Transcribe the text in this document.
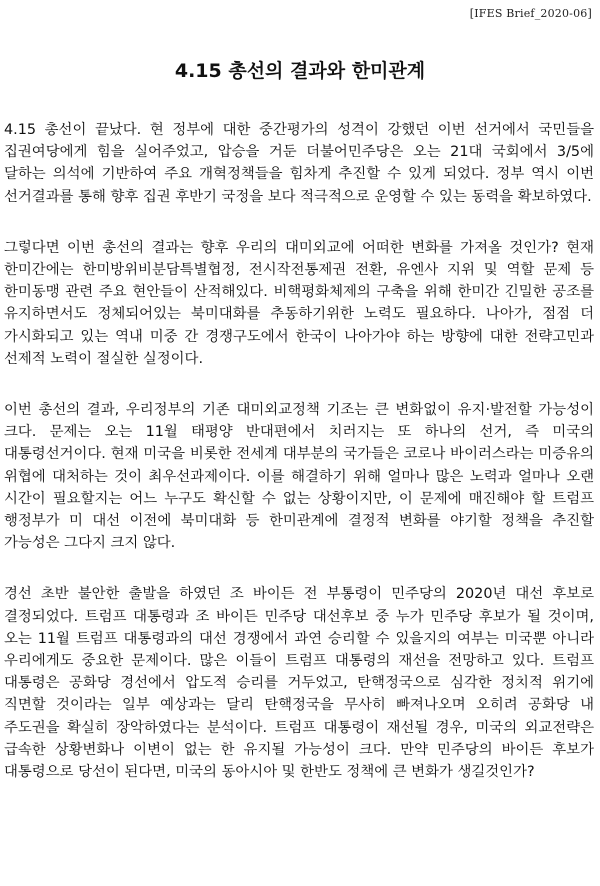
[IFES Brief_2020-06]
4.15 총선의 결과와 한미관계

4.15 총선이 끝났다. 현 정부에 대한 중간평가의 성격이 강했던 이번 선거에서 국민들을 집권여당에게 힘을 실어주었고, 압승을 거둔 더불어민주당은 오는 21대 국회에서 3/5에 달하는 의석에 기반하여 주요 개혁정책들을 힘차게 추진할 수 있게 되었다. 정부 역시 이번 선거결과를 통해 향후 집권 후반기 국정을 보다 적극적으로 운영할 수 있는 동력을 확보하였다.

그렇다면 이번 총선의 결과는 향후 우리의 대미외교에 어떠한 변화를 가져올 것인가? 현재 한미간에는 한미방위비분담특별협정, 전시작전통제권 전환, 유엔사 지위 및 역할 문제 등 한미동맹 관련 주요 현안들이 산적해있다. 비핵평화체제의 구축을 위해 한미간 긴밀한 공조를 유지하면서도 정체되어있는 북미대화를 추동하기위한 노력도 필요하다. 나아가, 점점 더 가시화되고 있는 역내 미중 간 경쟁구도에서 한국이 나아가야 하는 방향에 대한 전략고민과 선제적 노력이 절실한 실정이다.

이번 총선의 결과, 우리정부의 기존 대미외교정책 기조는 큰 변화없이 유지·발전할 가능성이 크다. 문제는 오는 11월 태평양 반대편에서 치러지는 또 하나의 선거, 즉 미국의 대통령선거이다. 현재 미국을 비롯한 전세계 대부분의 국가들은 코로나 바이러스라는 미증유의 위협에 대처하는 것이 최우선과제이다. 이를 해결하기 위해 얼마나 많은 노력과 얼마나 오랜 시간이 필요할지는 어느 누구도 확신할 수 없는 상황이지만, 이 문제에 매진해야 할 트럼프 행정부가 미 대선 이전에 북미대화 등 한미관계에 결정적 변화를 야기할 정책을 추진할 가능성은 그다지 크지 않다.

경선 초반 불안한 출발을 하였던 조 바이든 전 부통령이 민주당의 2020년 대선 후보로 결정되었다. 트럼프 대통령과 조 바이든 민주당 대선후보 중 누가 민주당 후보가 될 것이며, 오는 11월 트럼프 대통령과의 대선 경쟁에서 과연 승리할 수 있을지의 여부는 미국뿐 아니라 우리에게도 중요한 문제이다. 많은 이들이 트럼프 대통령의 재선을 전망하고 있다. 트럼프 대통령은 공화당 경선에서 압도적 승리를 거두었고, 탄핵정국으로 심각한 정치적 위기에 직면할 것이라는 일부 예상과는 달리 탄핵정국을 무사히 빠져나오며 오히려 공화당 내 주도권을 확실히 장악하였다는 분석이다. 트럼프 대통령이 재선될 경우, 미국의 외교전략은 급속한 상황변화나 이변이 없는 한 유지될 가능성이 크다. 만약 민주당의 바이든 후보가 대통령으로 당선이 된다면, 미국의 동아시아 및 한반도 정책에 큰 변화가 생길것인가?
